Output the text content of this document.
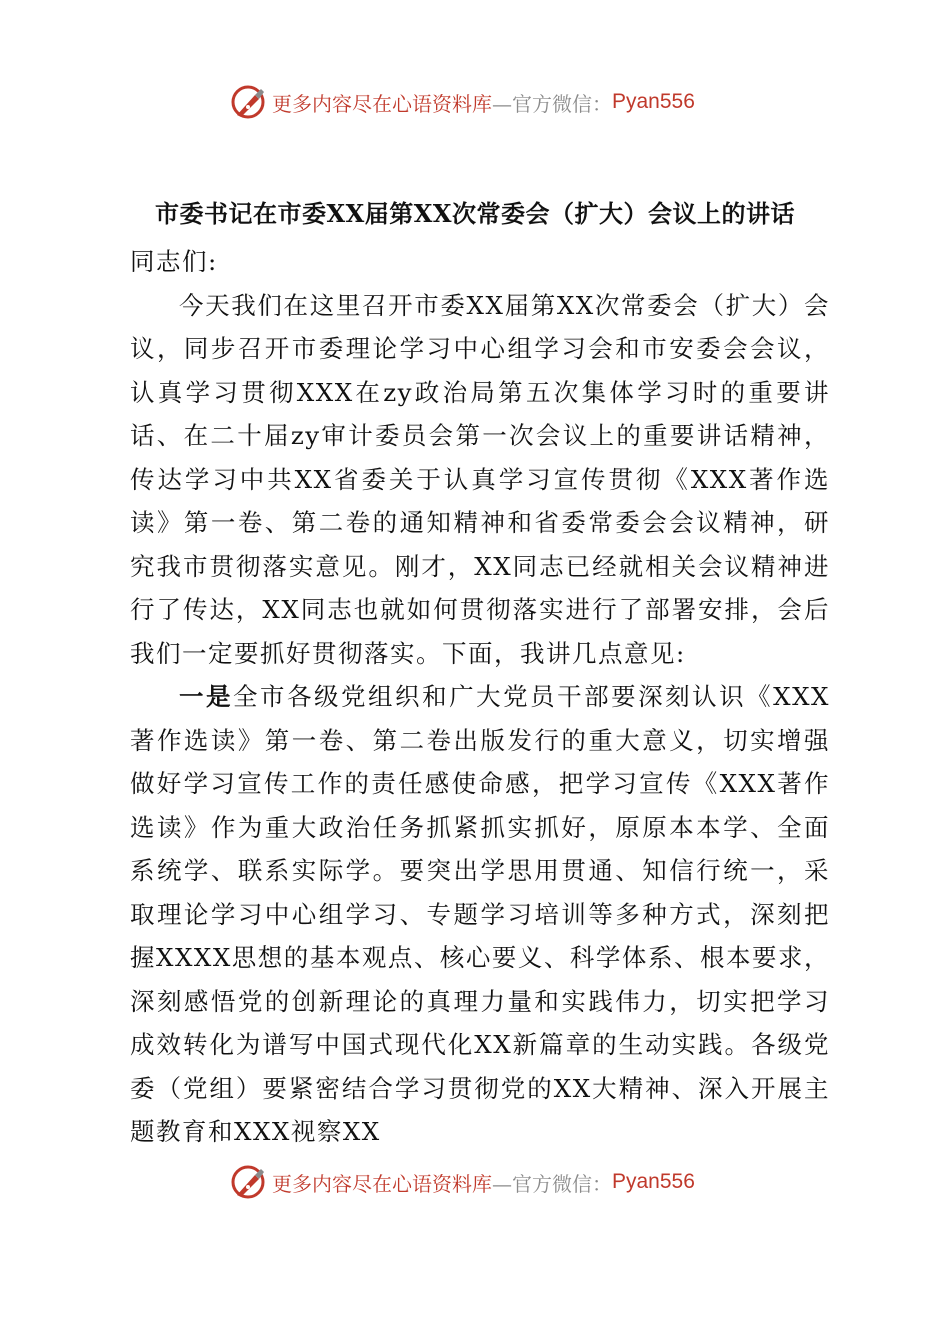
更多内容尽在心语资料库 —官方微信： Pyan556
市委书记在市委XX届第XX次常委会（扩大）会议上的讲话

同志们:

今天我们在这里召开市委XX届第XX次常委会（扩大）会议，同步召开市委理论学习中心组学习会和市安委会会议，认真学习贯彻XXX在zy政治局第五次集体学习时的重要讲话、在二十届zy审计委员会第一次会议上的重要讲话精神，传达学习中共XX省委关于认真学习宣传贯彻《XXX著作选读》第一卷、第二卷的通知精神和省委常委会会议精神，研究我市贯彻落实意见。刚才，XX同志已经就相关会议精神进行了传达，XX同志也就如何贯彻落实进行了部署安排，会后我们一定要抓好贯彻落实。下面，我讲几点意见:

一是全市各级党组织和广大党员干部要深刻认识《XXX著作选读》第一卷、第二卷出版发行的重大意义，切实增强做好学习宣传工作的责任感使命感，把学习宣传《XXX著作选读》作为重大政治任务抓紧抓实抓好，原原本本学、全面系统学、联系实际学。要突出学思用贯通、知信行统一，采取理论学习中心组学习、专题学习培训等多种方式，深刻把握XXXX思想的基本观点、核心要义、科学体系、根本要求，深刻感悟党的创新理论的真理力量和实践伟力，切实把学习成效转化为谱写中国式现代化XX新篇章的生动实践。各级党委（党组）要紧密结合学习贯彻党的XX大精神、深入开展主题教育和XXX视察XX

更多内容尽在心语资料库 —官方微信： Pyan556
